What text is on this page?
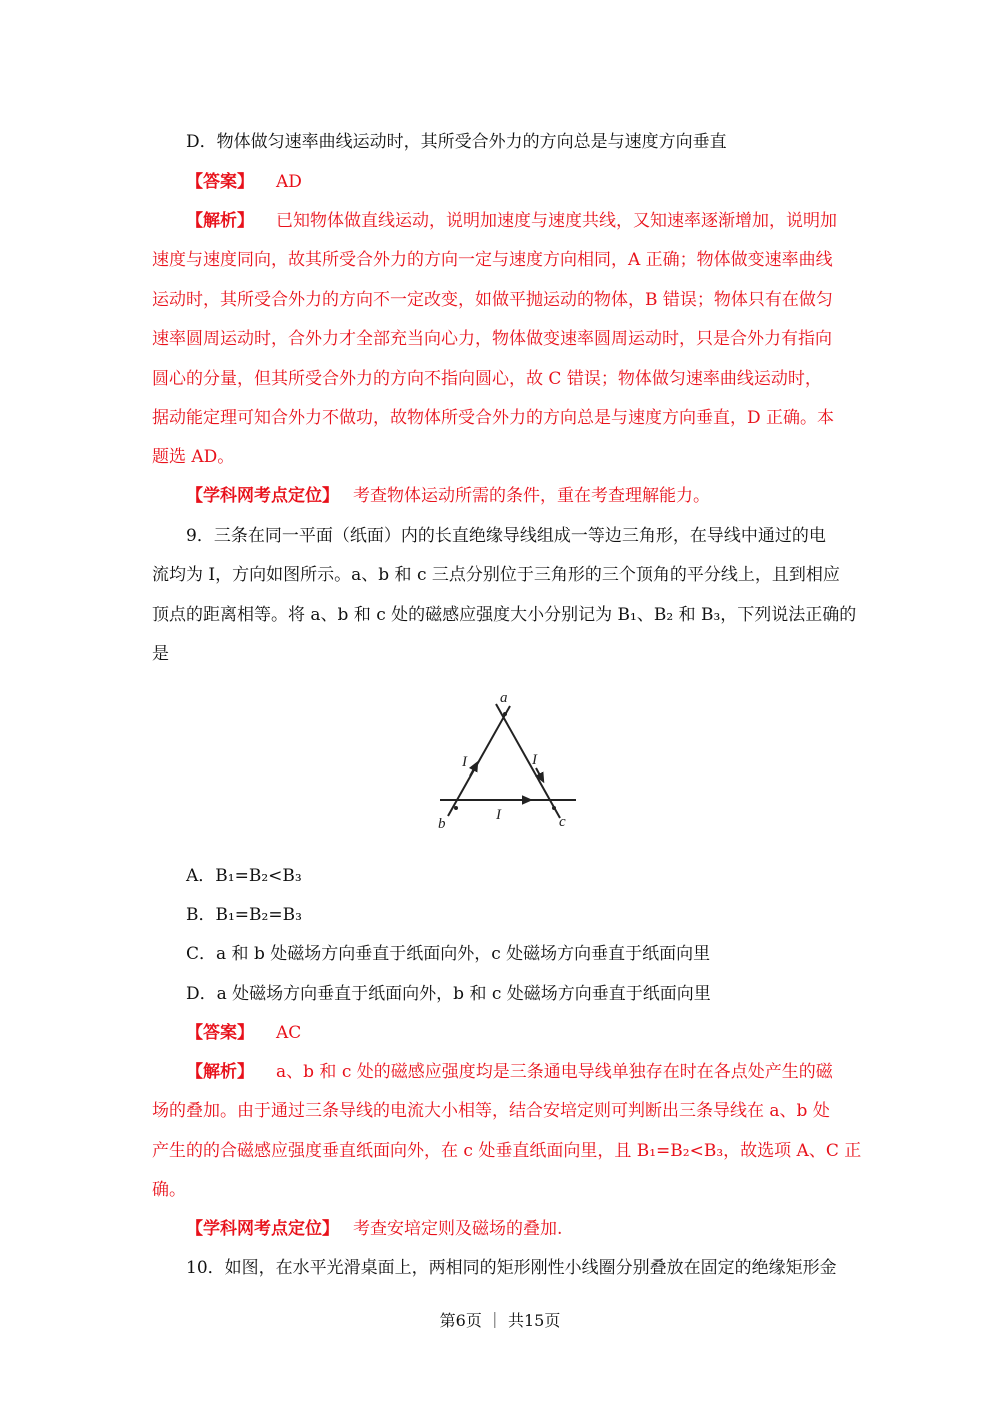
D．物体做匀速率曲线运动时，其所受合外力的方向总是与速度方向垂直
【答案】 AD
【解析】 已知物体做直线运动，说明加速度与速度共线，又知速率逐渐增加，说明加
速度与速度同向，故其所受合外力的方向一定与速度方向相同，A 正确；物体做变速率曲线
运动时，其所受合外力的方向不一定改变，如做平抛运动的物体，B 错误；物体只有在做匀
速率圆周运动时，合外力才全部充当向心力，物体做变速率圆周运动时，只是合外力有指向
圆心的分量，但其所受合外力的方向不指向圆心，故 C 错误；物体做匀速率曲线运动时，
据动能定理可知合外力不做功，故物体所受合外力的方向总是与速度方向垂直，D 正确。本
题选 AD。
【学科网考点定位】 考查物体运动所需的条件，重在考查理解能力。
9．三条在同一平面（纸面）内的长直绝缘导线组成一等边三角形，在导线中通过的电
流均为 I，方向如图所示。a、b 和 c 三点分别位于三角形的三个顶角的平分线上，且到相应
顶点的距离相等。将 a、b 和 c 处的磁感应强度大小分别记为 B₁、B₂ 和 B₃，下列说法正确的
是
a
b	c
I	I
I
A．B₁=B₂<B₃
B．B₁=B₂=B₃
C．a 和 b 处磁场方向垂直于纸面向外，c 处磁场方向垂直于纸面向里
D．a 处磁场方向垂直于纸面向外，b 和 c 处磁场方向垂直于纸面向里
【答案】 AC
【解析】 a、b 和 c 处的磁感应强度均是三条通电导线单独存在时在各点处产生的磁
场的叠加。由于通过三条导线的电流大小相等，结合安培定则可判断出三条导线在 a、b 处
产生的的合磁感应强度垂直纸面向外，在 c 处垂直纸面向里，且 B₁=B₂<B₃，故选项 A、C 正
确。
【学科网考点定位】 考查安培定则及磁场的叠加.
10．如图，在水平光滑桌面上，两相同的矩形刚性小线圈分别叠放在固定的绝缘矩形金
第6页 ｜ 共15页
